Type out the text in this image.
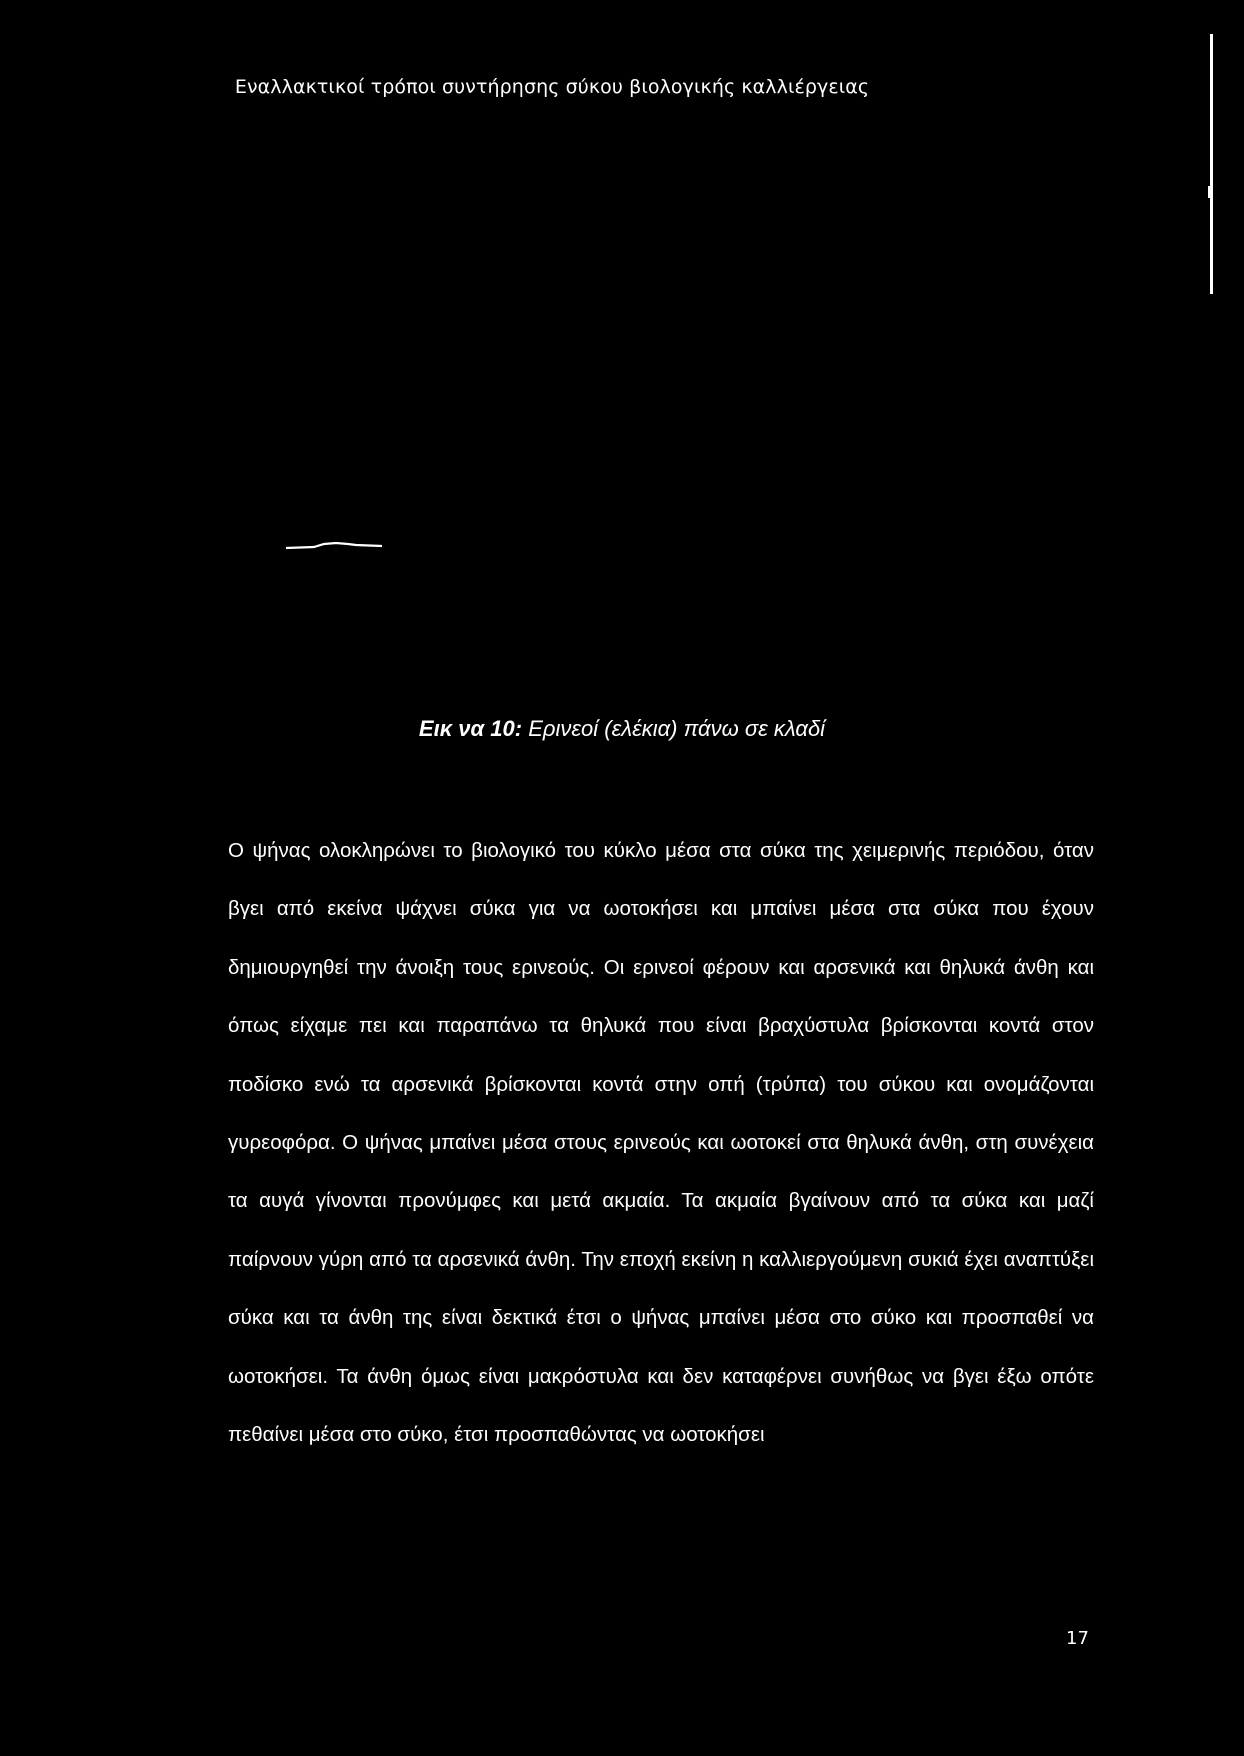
Εναλλακτικοί τρόποι συντήρησης σύκου βιολογικής καλλιέργειας
Εικ να 10: Ερινεοί (ελέκια) πάνω σε κλαδί

Ο ψήνας ολοκληρώνει το βιολογικό του κύκλο μέσα στα σύκα της χειμερινής περιόδου, όταν βγει από εκείνα ψάχνει σύκα για να ωοτοκήσει και μπαίνει μέσα στα σύκα που έχουν δημιουργηθεί την άνοιξη τους ερινεούς. Οι ερινεοί φέρουν και αρσενικά και θηλυκά άνθη και όπως είχαμε πει και παραπάνω τα θηλυκά που είναι βραχύστυλα βρίσκονται κοντά στον ποδίσκο ενώ τα αρσενικά βρίσκονται κοντά στην οπή (τρύπα) του σύκου και ονομάζονται γυρεοφόρα. Ο ψήνας μπαίνει μέσα στους ερινεούς και ωοτοκεί στα θηλυκά άνθη, στη συνέχεια τα αυγά γίνονται προνύμφες και μετά ακμαία. Τα ακμαία βγαίνουν από τα σύκα και μαζί παίρνουν γύρη από τα αρσενικά άνθη. Την εποχή εκείνη η καλλιεργούμενη συκιά έχει αναπτύξει σύκα και τα άνθη της είναι δεκτικά έτσι ο ψήνας μπαίνει μέσα στο σύκο και προσπαθεί να ωοτοκήσει. Τα άνθη όμως είναι μακρόστυλα και δεν καταφέρνει συνήθως να βγει έξω οπότε πεθαίνει μέσα στο σύκο, έτσι προσπαθώντας να ωοτοκήσει

17
